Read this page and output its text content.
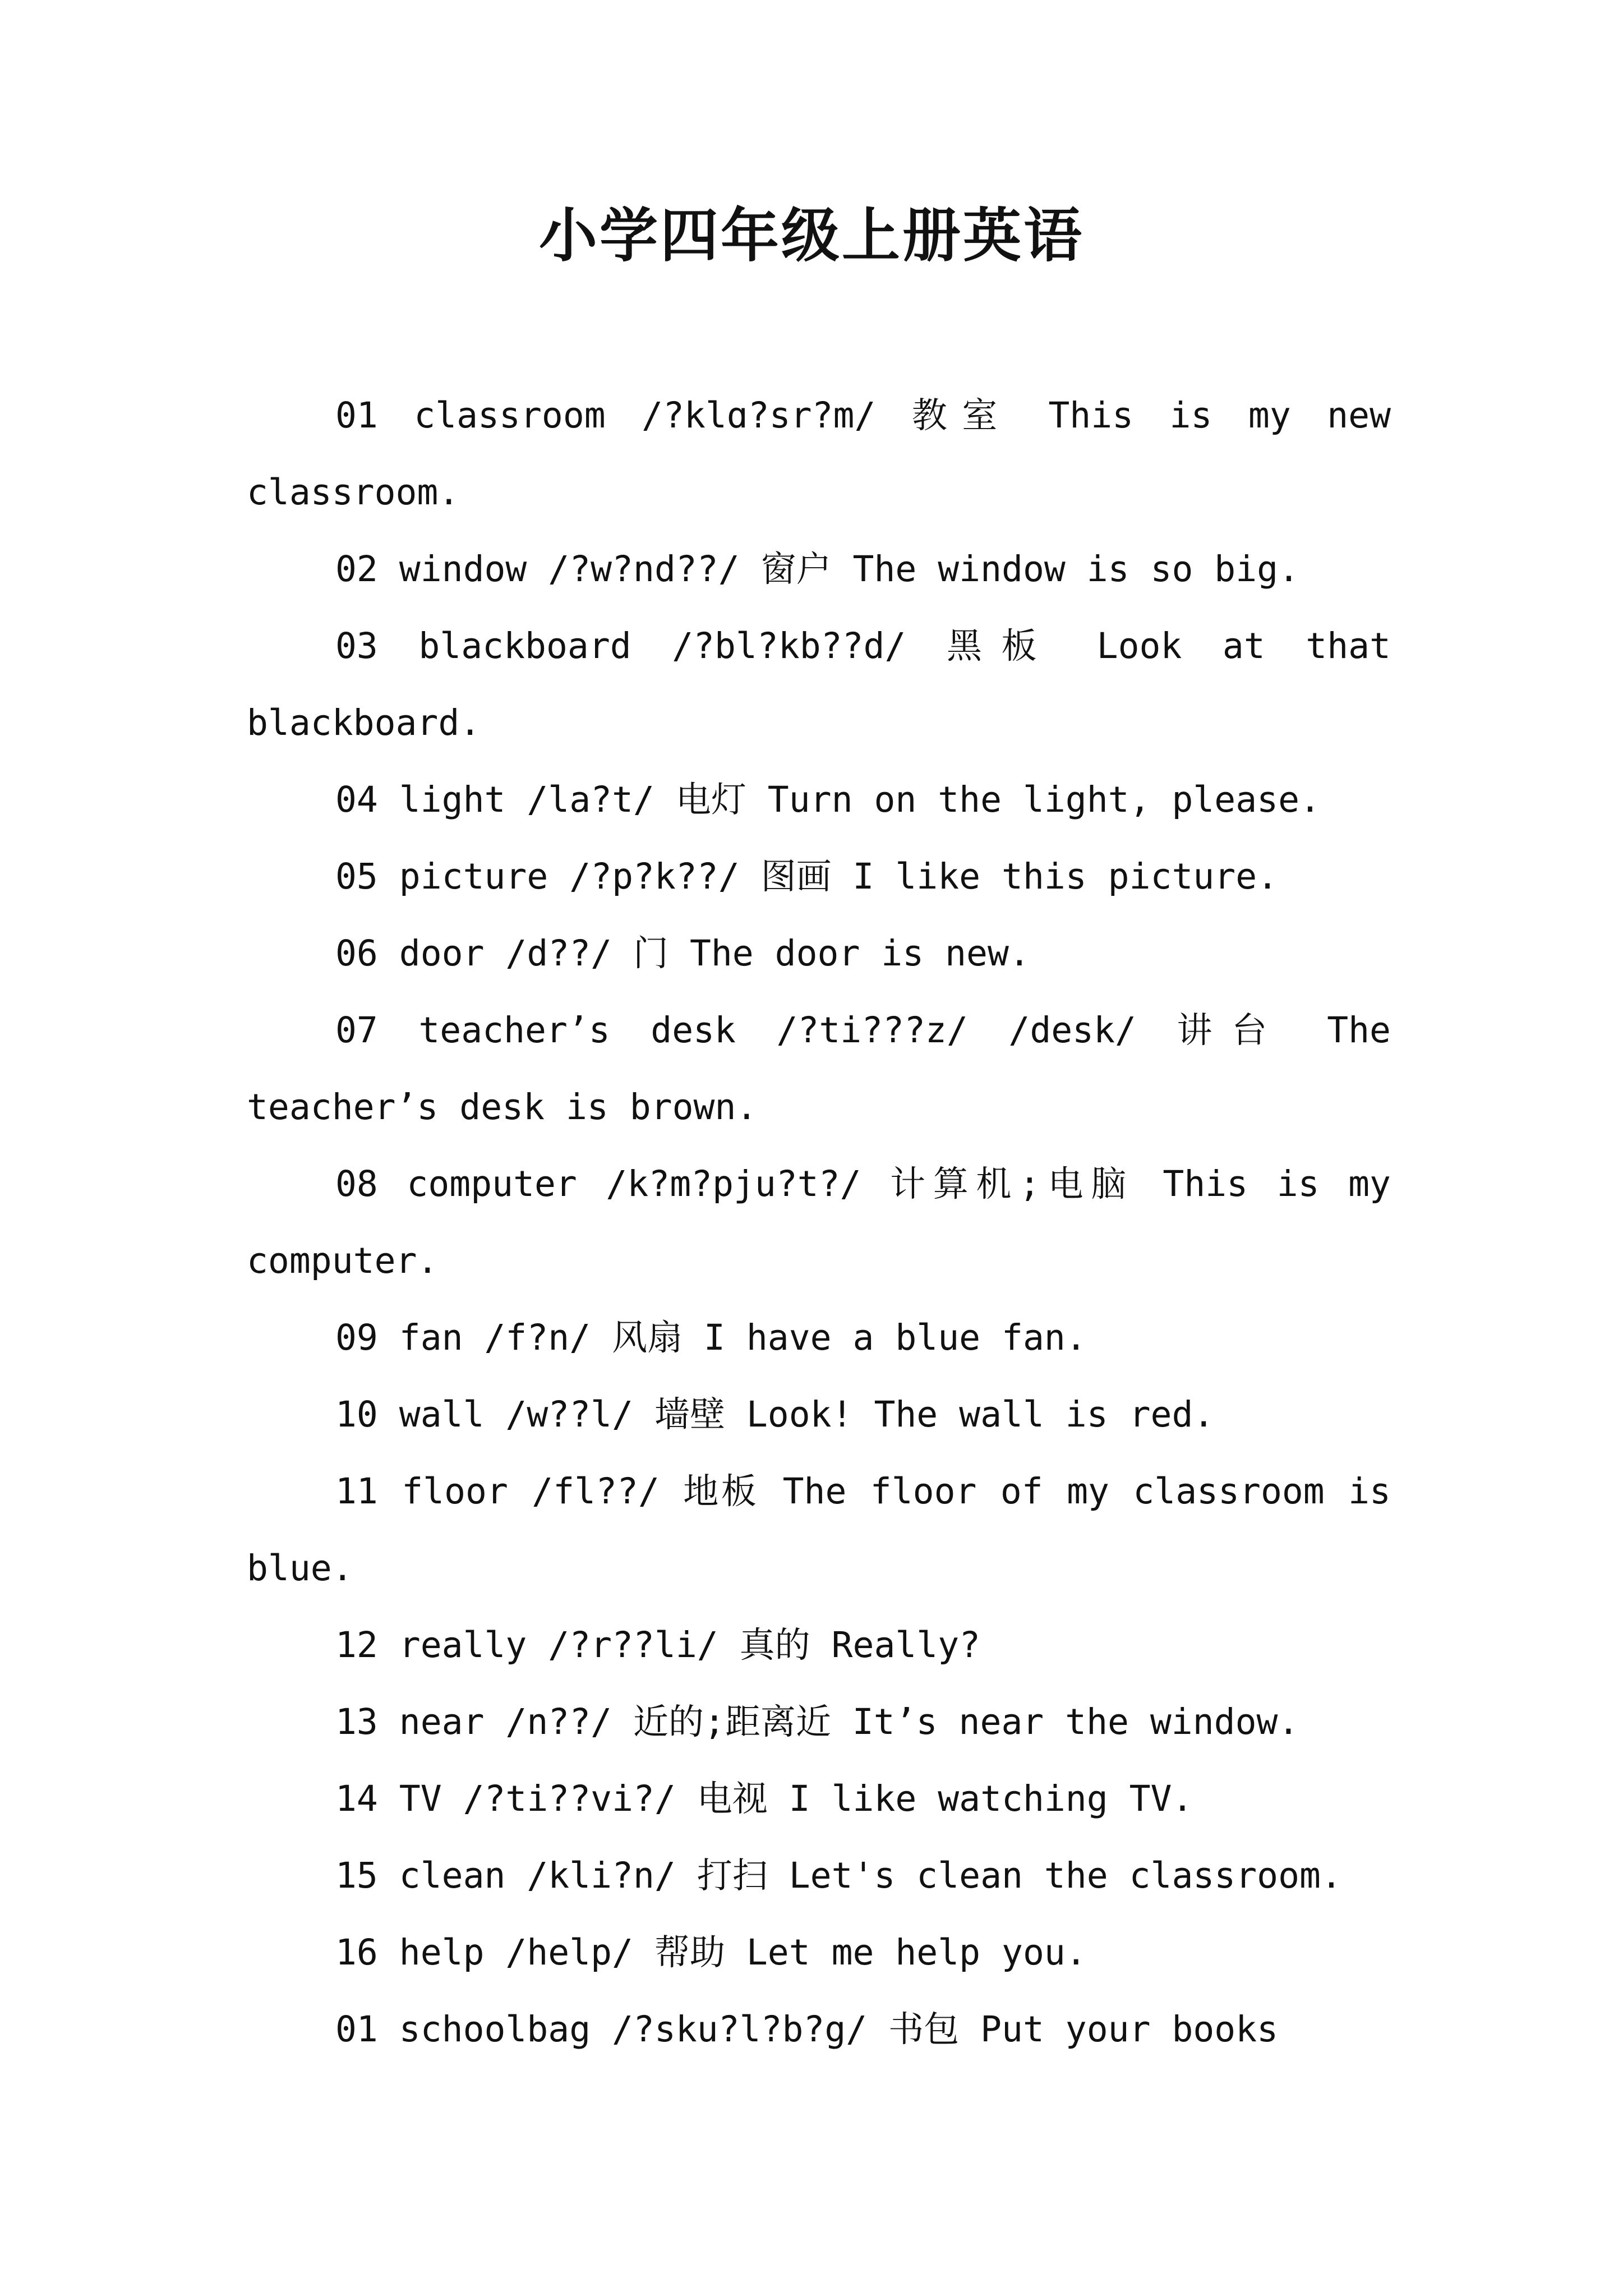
小学四年级上册英语

01 classroom /?klɑ?sr?m/ 教室 This is my new classroom.

02 window /?w?nd??/ 窗户 The window is so big.

03 blackboard /?bl?kb??d/ 黑板 Look at that blackboard.

04 light /la?t/ 电灯 Turn on the light, please.

05 picture /?p?k??/ 图画 I like this picture.

06 door /d??/ 门 The door is new.

07 teacher’s desk /?ti???z/ /desk/ 讲台 The teacher’s desk is brown.

08 computer /k?m?pju?t?/ 计算机;电脑 This is my computer.

09 fan /f?n/ 风扇 I have a blue fan.

10 wall /w??l/ 墙壁 Look! The wall is red.

11 floor /fl??/ 地板 The floor of my classroom is blue.

12 really /?r??li/ 真的 Really?

13 near /n??/ 近的;距离近 It’s near the window.

14 TV /?ti??vi?/ 电视 I like watching TV.

15 clean /kli?n/ 打扫 Let's clean the classroom.

16 help /help/ 帮助 Let me help you.

01 schoolbag /?sku?l?b?g/ 书包 Put your books
